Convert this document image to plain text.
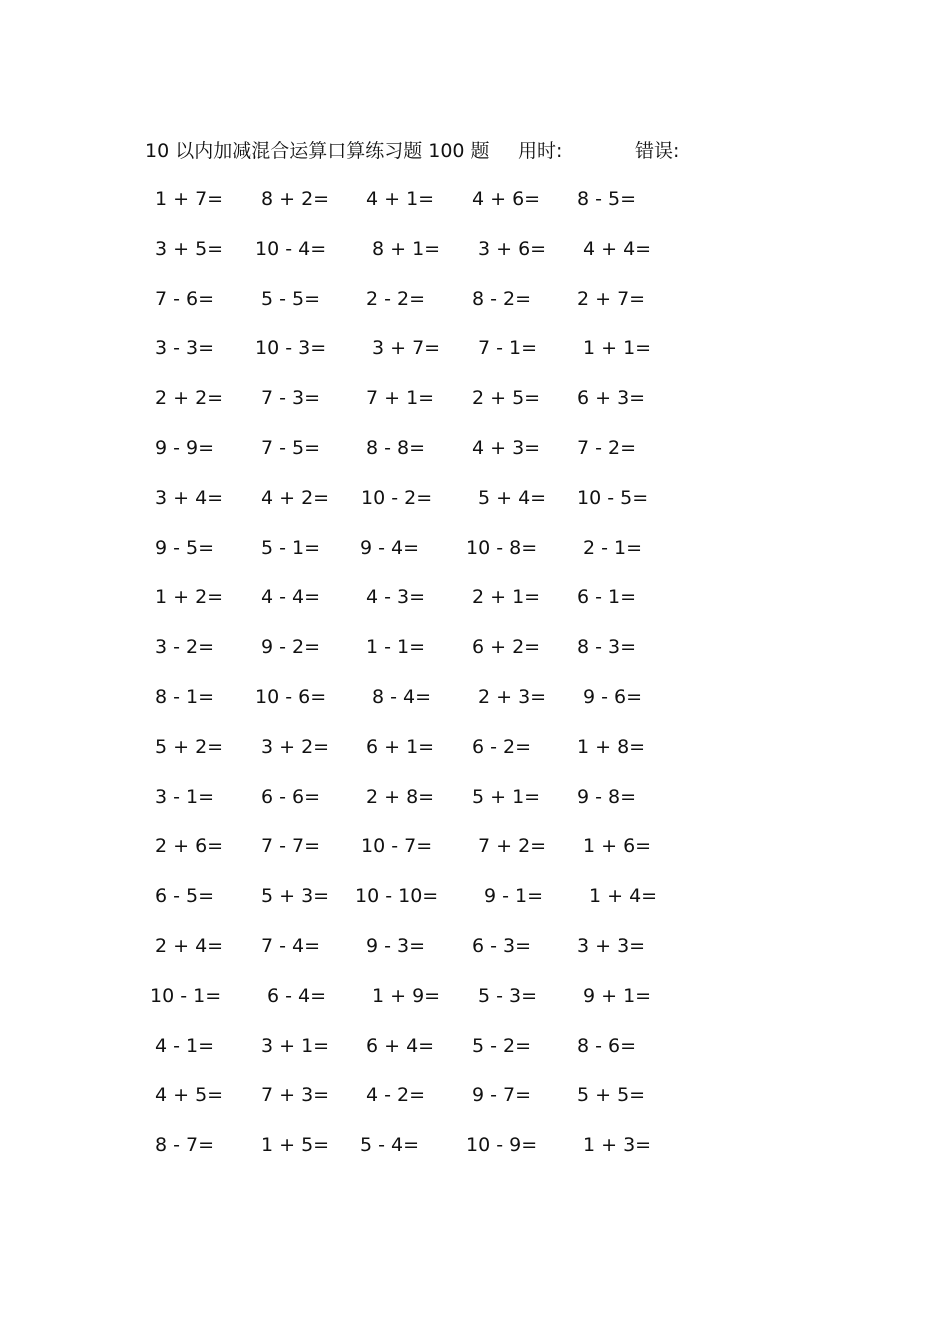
10 以内加减混合运算口算练习题 100 题 用时:	错误:
1 + 7= 8 + 2= 4 + 1= 4 + 6= 8 - 5=
3 + 5= 10 - 4= 8 + 1= 3 + 6= 4 + 4=
7 - 6= 5 - 5= 2 - 2= 8 - 2= 2 + 7=
3 - 3= 10 - 3= 3 + 7= 7 - 1= 1 + 1=
2 + 2= 7 - 3= 7 + 1= 2 + 5= 6 + 3=
9 - 9= 7 - 5= 8 - 8= 4 + 3= 7 - 2=
3 + 4= 4 + 2= 10 - 2= 5 + 4= 10 - 5=
9 - 5= 5 - 1= 9 - 4= 10 - 8= 2 - 1=
1 + 2= 4 - 4= 4 - 3= 2 + 1= 6 - 1=
3 - 2= 9 - 2= 1 - 1= 6 + 2= 8 - 3=
8 - 1= 10 - 6= 8 - 4= 2 + 3= 9 - 6=
5 + 2= 3 + 2= 6 + 1= 6 - 2= 1 + 8=
3 - 1= 6 - 6= 2 + 8= 5 + 1= 9 - 8=
2 + 6= 7 - 7= 10 - 7= 7 + 2= 1 + 6=
6 - 5= 5 + 3= 10 - 10= 9 - 1= 1 + 4=
2 + 4= 7 - 4= 9 - 3= 6 - 3= 3 + 3=
10 - 1= 6 - 4= 1 + 9= 5 - 3= 9 + 1=
4 - 1= 3 + 1= 6 + 4= 5 - 2= 8 - 6=
4 + 5= 7 + 3= 4 - 2= 9 - 7= 5 + 5=
8 - 7= 1 + 5= 5 - 4= 10 - 9= 1 + 3=
